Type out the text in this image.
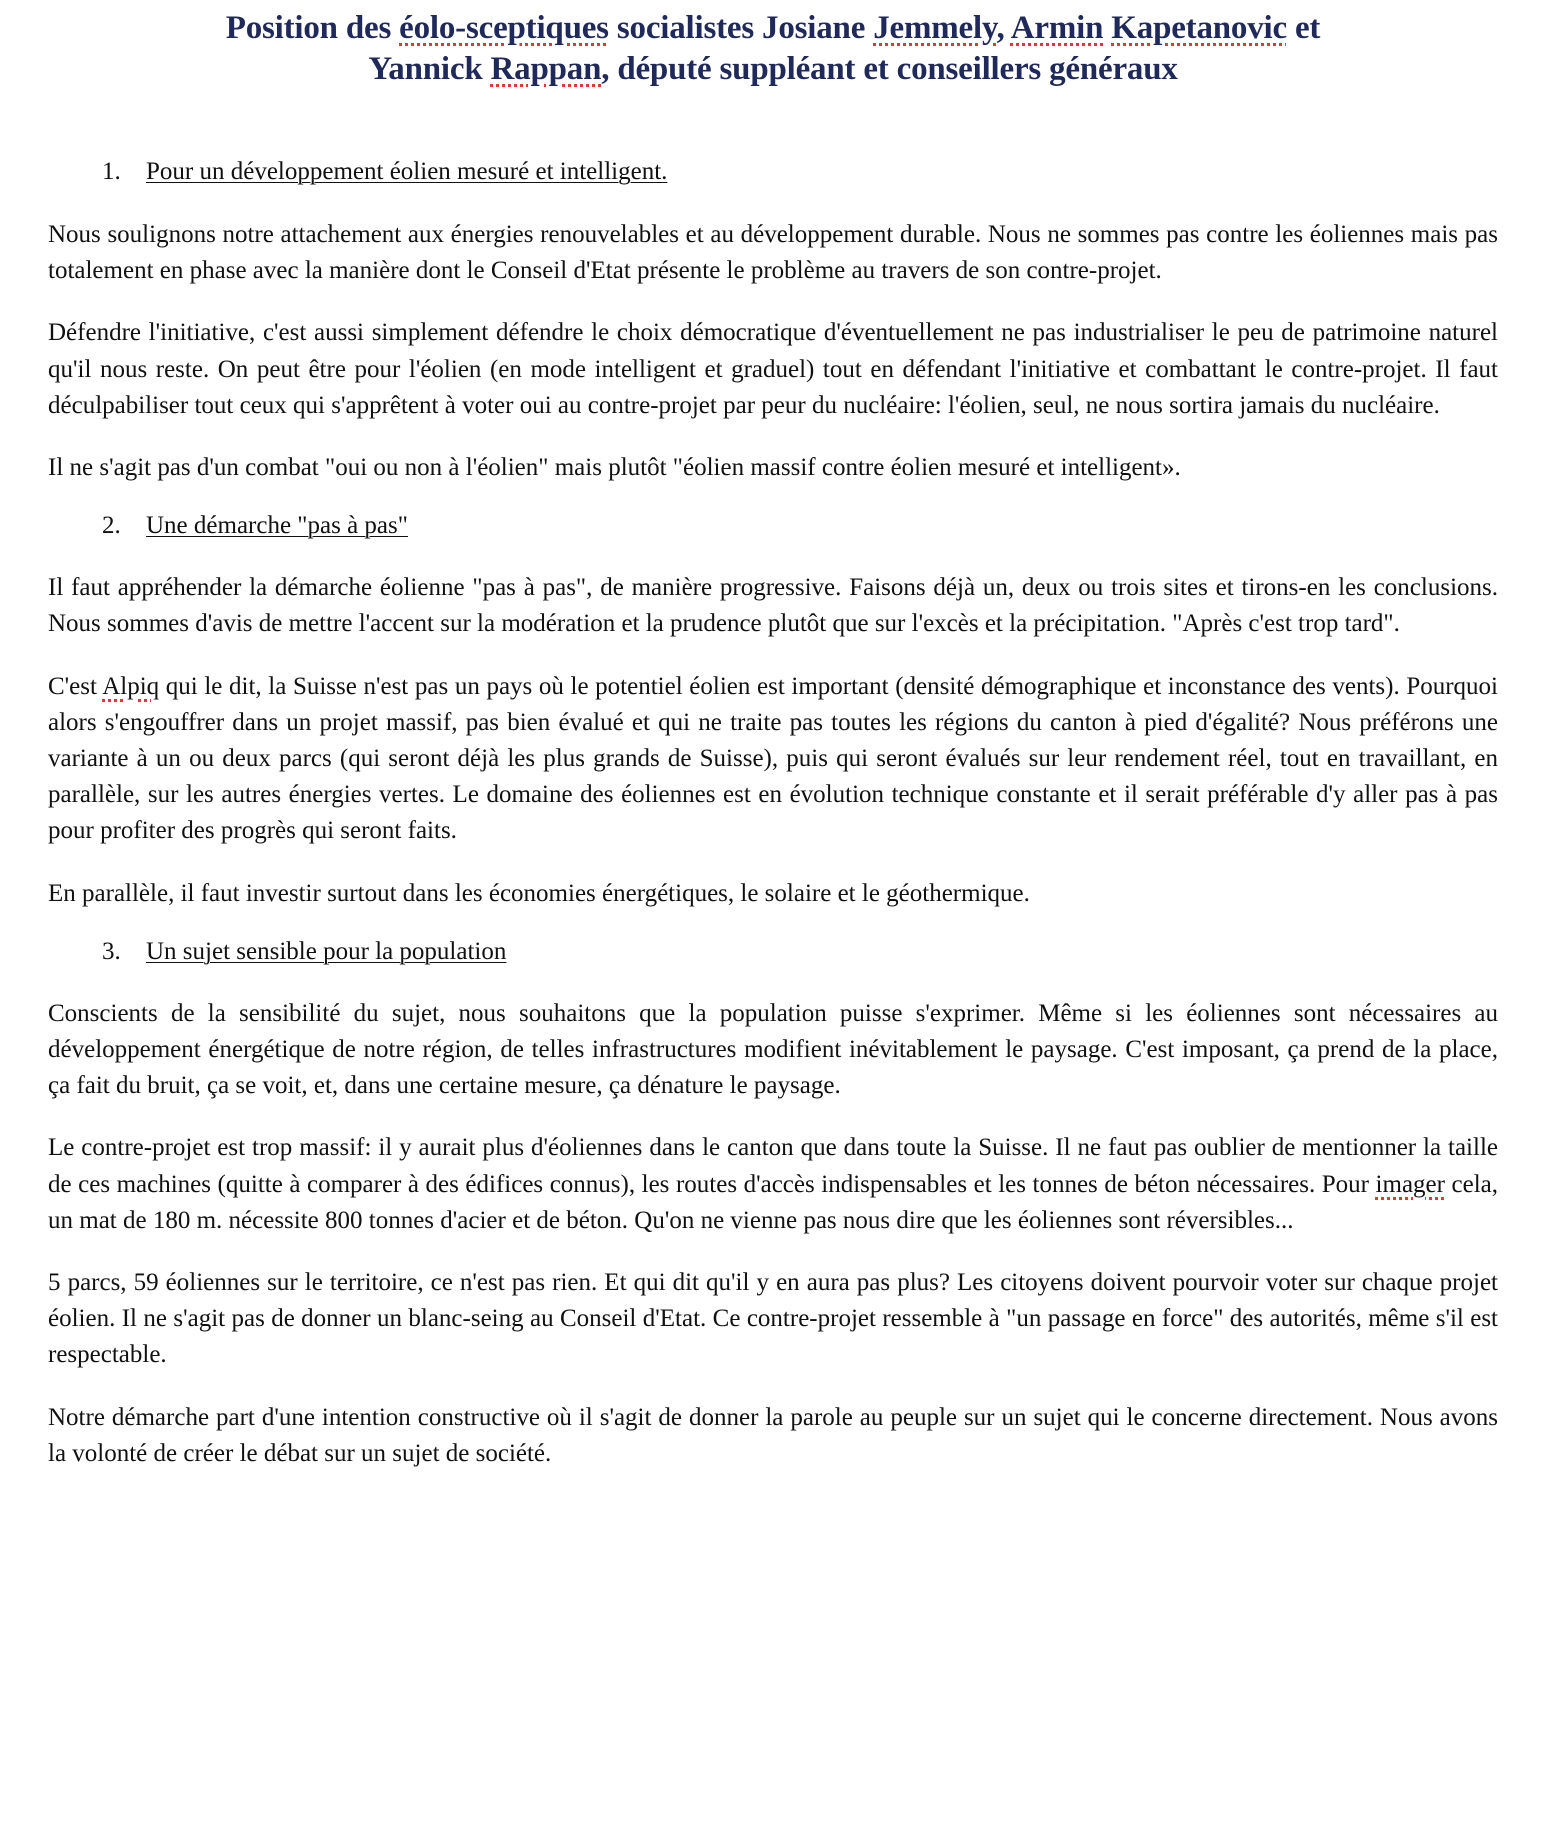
Position des éolo-sceptiques socialistes Josiane Jemmely, Armin Kapetanovic et
Yannick Rappan, député suppléant et conseillers généraux

1.	Pour un développement éolien mesuré et intelligent.

Nous soulignons notre attachement aux énergies renouvelables et au développement durable. Nous ne sommes pas contre les éoliennes mais pas totalement en phase avec la manière dont le Conseil d'Etat présente le problème au travers de son contre-projet.

Défendre l'initiative, c'est aussi simplement défendre le choix démocratique d'éventuellement ne pas industrialiser le peu de patrimoine naturel qu'il nous reste. On peut être pour l'éolien (en mode intelligent et graduel) tout en défendant l'initiative et combattant le contre-projet. Il faut déculpabiliser tout ceux qui s'apprêtent à voter oui au contre-projet par peur du nucléaire: l'éolien, seul, ne nous sortira jamais du nucléaire.

Il ne s'agit pas d'un combat "oui ou non à l'éolien" mais plutôt "éolien massif contre éolien mesuré et intelligent».

2.	Une démarche "pas à pas"

Il faut appréhender la démarche éolienne "pas à pas", de manière progressive. Faisons déjà un, deux ou trois sites et tirons-en les conclusions. Nous sommes d'avis de mettre l'accent sur la modération et la prudence plutôt que sur l'excès et la précipitation. "Après c'est trop tard".

C'est Alpiq qui le dit, la Suisse n'est pas un pays où le potentiel éolien est important (densité démographique et inconstance des vents). Pourquoi alors s'engouffrer dans un projet massif, pas bien évalué et qui ne traite pas toutes les régions du canton à pied d'égalité? Nous préférons une variante à un ou deux parcs (qui seront déjà les plus grands de Suisse), puis qui seront évalués sur leur rendement réel, tout en travaillant, en parallèle, sur les autres énergies vertes. Le domaine des éoliennes est en évolution technique constante et il serait préférable d'y aller pas à pas pour profiter des progrès qui seront faits.

En parallèle, il faut investir surtout dans les économies énergétiques, le solaire et le géothermique.

3.	Un sujet sensible pour la population

Conscients de la sensibilité du sujet, nous souhaitons que la population puisse s'exprimer. Même si les éoliennes sont nécessaires au développement énergétique de notre région, de telles infrastructures modifient inévitablement le paysage. C'est imposant, ça prend de la place, ça fait du bruit, ça se voit, et, dans une certaine mesure, ça dénature le paysage.

Le contre-projet est trop massif: il y aurait plus d'éoliennes dans le canton que dans toute la Suisse. Il ne faut pas oublier de mentionner la taille de ces machines (quitte à comparer à des édifices connus), les routes d'accès indispensables et les tonnes de béton nécessaires. Pour imager cela, un mat de 180 m. nécessite 800 tonnes d'acier et de béton. Qu'on ne vienne pas nous dire que les éoliennes sont réversibles...

5 parcs, 59 éoliennes sur le territoire, ce n'est pas rien. Et qui dit qu'il y en aura pas plus? Les citoyens doivent pourvoir voter sur chaque projet éolien. Il ne s'agit pas de donner un blanc-seing au Conseil d'Etat. Ce contre-projet ressemble à "un passage en force" des autorités, même s'il est respectable.

Notre démarche part d'une intention constructive où il s'agit de donner la parole au peuple sur un sujet qui le concerne directement. Nous avons la volonté de créer le débat sur un sujet de société.
